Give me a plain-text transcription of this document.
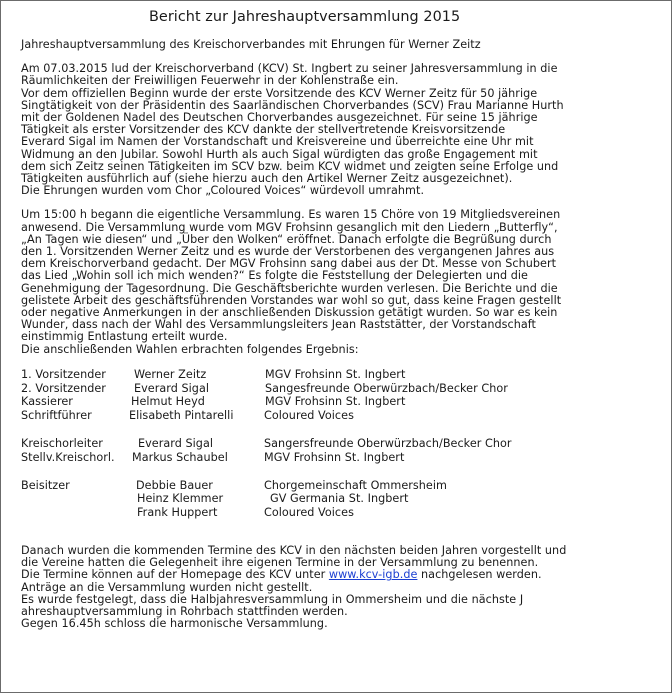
Bericht zur Jahreshauptversammlung 2015
Jahreshauptversammlung des Kreischorverbandes mit Ehrungen für Werner Zeitz
Am 07.03.2015 lud der Kreischorverband (KCV) St. Ingbert zu seiner Jahresversammlung in die
Räumlichkeiten der Freiwilligen Feuerwehr in der Kohlenstraße ein.
Vor dem offiziellen Beginn wurde der erste Vorsitzende des KCV Werner Zeitz für 50 jährige
Singtätigkeit von der Präsidentin des Saarländischen Chorverbandes (SCV) Frau Marianne Hurth
mit der Goldenen Nadel des Deutschen Chorverbandes ausgezeichnet. Für seine 15 jährige
Tätigkeit als erster Vorsitzender des KCV dankte der stellvertretende Kreisvorsitzende
Everard Sigal im Namen der Vorstandschaft und Kreisvereine und überreichte eine Uhr mit
Widmung an den Jubilar. Sowohl Hurth als auch Sigal würdigten das große Engagement mit
dem sich Zeitz seinen Tätigkeiten im SCV bzw. beim KCV widmet und zeigten seine Erfolge und
Tätigkeiten ausführlich auf (siehe hierzu auch den Artikel Werner Zeitz ausgezeichnet).
Die Ehrungen wurden vom Chor „Coloured Voices“ würdevoll umrahmt.
Um 15:00 h begann die eigentliche Versammlung. Es waren 15 Chöre von 19 Mitgliedsvereinen
anwesend. Die Versammlung wurde vom MGV Frohsinn gesanglich mit den Liedern „Butterfly“,
„An Tagen wie diesen“ und „Über den Wolken“ eröffnet. Danach erfolgte die Begrüßung durch
den 1. Vorsitzenden Werner Zeitz und es wurde der Verstorbenen des vergangenen Jahres aus
dem Kreischorverband gedacht. Der MGV Frohsinn sang dabei aus der Dt. Messe von Schubert
das Lied „Wohin soll ich mich wenden?“ Es folgte die Feststellung der Delegierten und die
Genehmigung der Tagesordnung. Die Geschäftsberichte wurden verlesen. Die Berichte und die
gelistete Arbeit des geschäftsführenden Vorstandes war wohl so gut, dass keine Fragen gestellt
oder negative Anmerkungen in der anschließenden Diskussion getätigt wurden. So war es kein
Wunder, dass nach der Wahl des Versammlungsleiters Jean Raststätter, der Vorstandschaft
einstimmig Entlastung erteilt wurde.
Die anschließenden Wahlen erbrachten folgendes Ergebnis:
1. Vorsitzender	Werner Zeitz	MGV Frohsinn St. Ingbert
2. Vorsitzender	Everard Sigal	Sangesfreunde Oberwürzbach/Becker Chor
Kassierer	Helmut Heyd	MGV Frohsinn St. Ingbert
Schriftführer	Elisabeth Pintarelli	Coloured Voices
Kreischorleiter	Everard Sigal	Sangersfreunde Oberwürzbach/Becker Chor
Stellv.Kreischorl. Markus Schaubel	MGV Frohsinn St. Ingbert
Beisitzer	Debbie Bauer	Chorgemeinschaft Ommersheim
Heinz Klemmer	GV Germania St. Ingbert
Frank Huppert	Coloured Voices
Danach wurden die kommenden Termine des KCV in den nächsten beiden Jahren vorgestellt und
die Vereine hatten die Gelegenheit ihre eigenen Termine in der Versammlung zu benennen.
Die Termine können auf der Homepage des KCV unter www.kcv-igb.de nachgelesen werden.
Anträge an die Versammlung wurden nicht gestellt.
Es wurde festgelegt, dass die Halbjahresversammlung in Ommersheim und die nächste J
ahreshauptversammlung in Rohrbach stattfinden werden.
Gegen 16.45h schloss die harmonische Versammlung.
